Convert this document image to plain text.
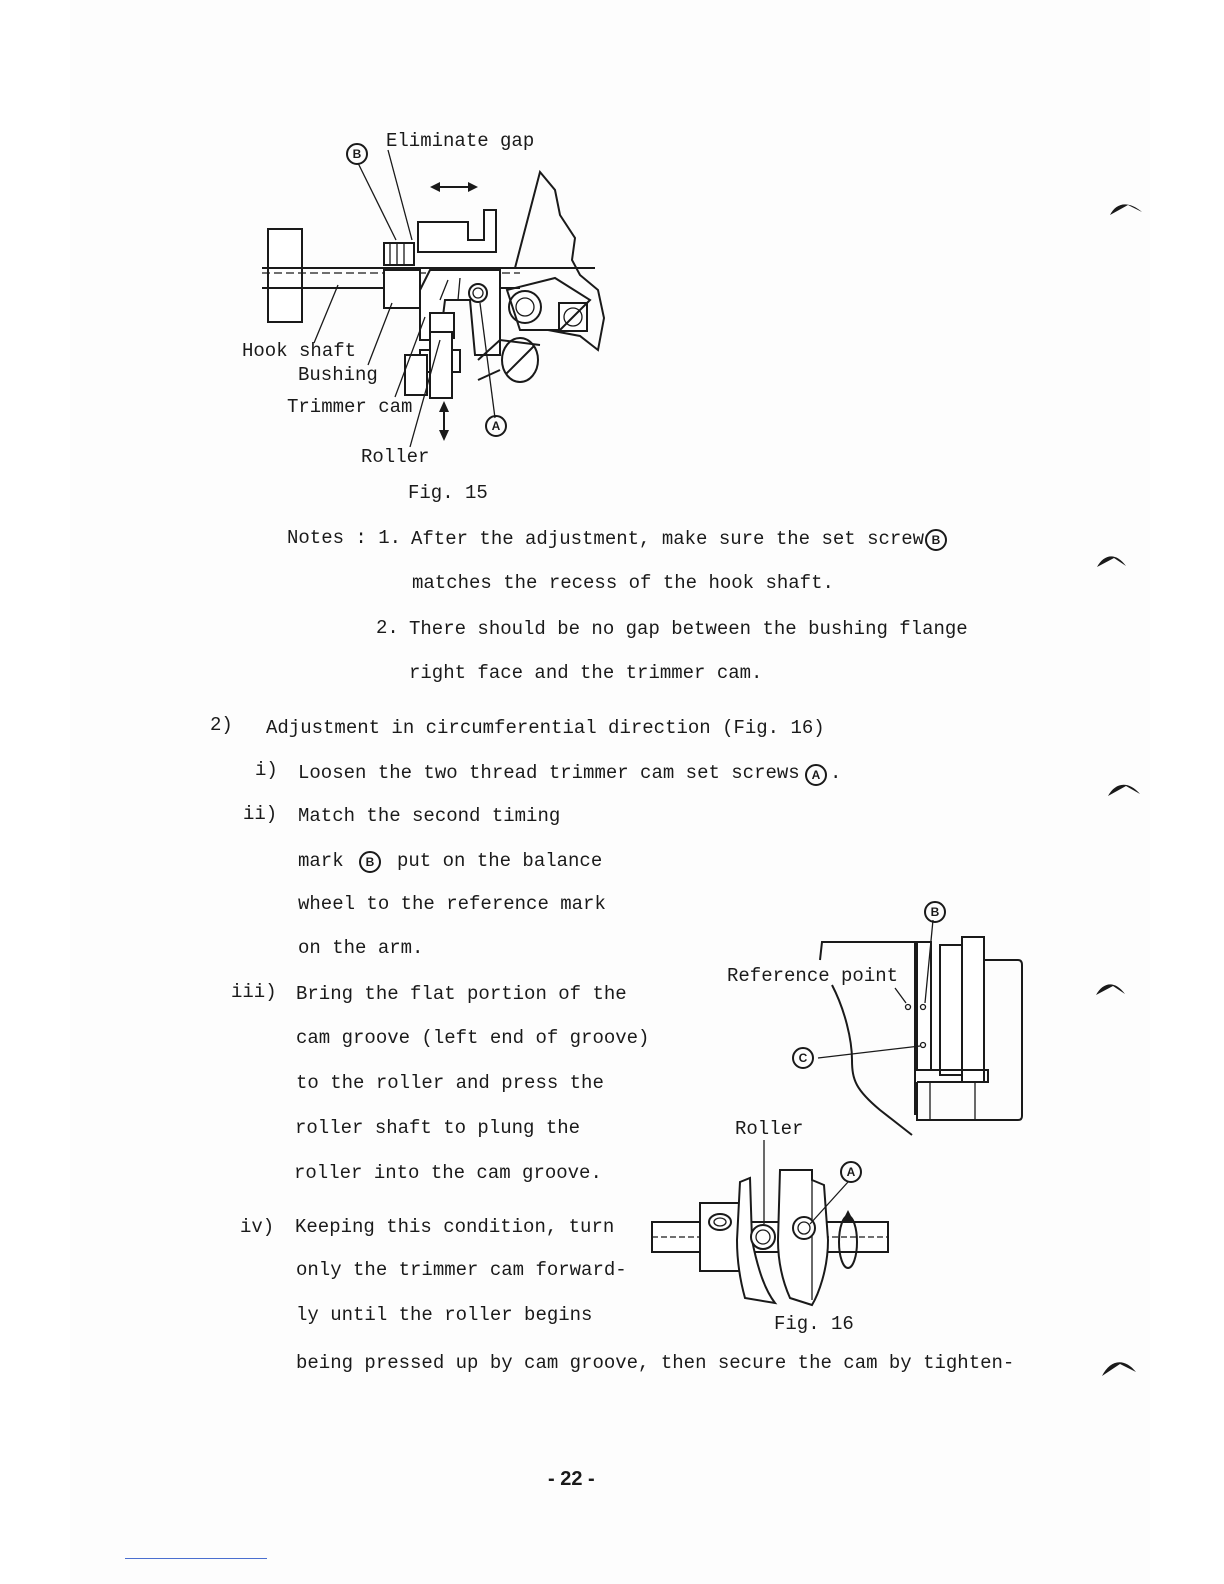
Eliminate gap
B
Hook shaft
Bushing
Trimmer cam
A
Roller
Fig. 15
Notes : 1. After the adjustment, make sure the set screw B
matches the recess of the hook shaft.
2. There should be no gap between the bushing flange
right face and the trimmer cam.
2) Adjustment in circumferential direction (Fig. 16)
i) Loosen the two thread trimmer cam set screws A .
ii) Match the second timing
mark	B	put on the balance
wheel to the reference mark
on the arm.
iii) Bring the flat portion of the
cam groove (left end of groove)
to the roller and press the
roller shaft to plung the
roller into the cam groove.
iv) Keeping this condition, turn
only the trimmer cam forward-
ly until the roller begins
being pressed up by cam groove, then secure the cam by tighten-
B
Reference point
C
Roller
A
Fig. 16
- 22 -
